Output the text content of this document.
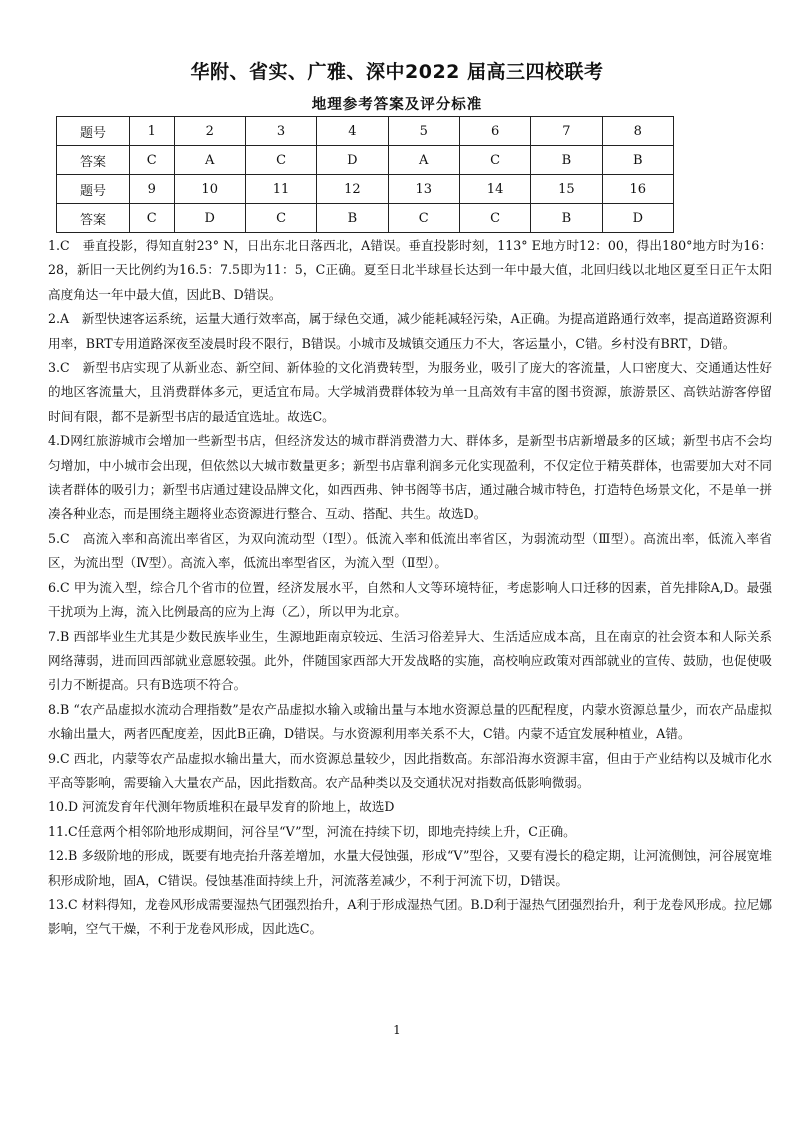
华附、省实、广雅、深中2022 届高三四校联考
地理参考答案及评分标准
题号	1	2	3	4	5	6	7	8
答案	C	A	C	D	A	C	B	B
题号	9	10	11	12	13	14	15	16
答案	C	D	C	B	C	C	B	D

1.C　垂直投影，得知直射23° N，日出东北日落西北，A错误。垂直投影时刻，113° E地方时12：00，得出180°地方时为16：28，新旧一天比例约为16.5：7.5即为11：5，C正确。夏至日北半球昼长达到一年中最大值，北回归线以北地区夏至日正午太阳高度角达一年中最大值，因此B、D错误。

2.A　新型快速客运系统，运量大通行效率高，属于绿色交通，减少能耗减轻污染，A正确。为提高道路通行效率，提高道路资源利用率，BRT专用道路深夜至凌晨时段不限行，B错误。小城市及城镇交通压力不大，客运量小，C错。乡村没有BRT，D错。

3.C　新型书店实现了从新业态、新空间、新体验的文化消费转型，为服务业，吸引了庞大的客流量，人口密度大、交通通达性好的地区客流量大，且消费群体多元，更适宜布局。大学城消费群体较为单一且高效有丰富的图书资源，旅游景区、高铁站游客停留时间有限，都不是新型书店的最适宜选址。故选C。

4.D网红旅游城市会增加一些新型书店，但经济发达的城市群消费潜力大、群体多，是新型书店新增最多的区域；新型书店不会均匀增加，中小城市会出现，但依然以大城市数量更多；新型书店靠利润多元化实现盈利，不仅定位于精英群体，也需要加大对不同读者群体的吸引力；新型书店通过建设品牌文化，如西西弗、钟书阁等书店，通过融合城市特色，打造特色场景文化，不是单一拼凑各种业态，而是围绕主题将业态资源进行整合、互动、搭配、共生。故选D。

5.C　高流入率和高流出率省区，为双向流动型（Ⅰ型）。低流入率和低流出率省区，为弱流动型（Ⅲ型）。高流出率，低流入率省区，为流出型（Ⅳ型）。高流入率，低流出率型省区，为流入型（Ⅱ型）。

6.C 甲为流入型，综合几个省市的位置，经济发展水平，自然和人文等环境特征，考虑影响人口迁移的因素，首先排除A,D。最强干扰项为上海，流入比例最高的应为上海（乙），所以甲为北京。

7.B 西部毕业生尤其是少数民族毕业生，生源地距南京较远、生活习俗差异大、生活适应成本高，且在南京的社会资本和人际关系网络薄弱，进而回西部就业意愿较强。此外，伴随国家西部大开发战略的实施，高校响应政策对西部就业的宣传、鼓励，也促使吸引力不断提高。只有B选项不符合。

8.B “农产品虚拟水流动合理指数”是农产品虚拟水输入或输出量与本地水资源总量的匹配程度，内蒙水资源总量少，而农产品虚拟水输出量大，两者匹配度差，因此B正确，D错误。与水资源利用率关系不大，C错。内蒙不适宜发展种植业，A错。

9.C 西北，内蒙等农产品虚拟水输出量大，而水资源总量较少，因此指数高。东部沿海水资源丰富，但由于产业结构以及城市化水平高等影响，需要输入大量农产品，因此指数高。农产品种类以及交通状况对指数高低影响微弱。

10.D 河流发育年代测年物质堆积在最早发育的阶地上，故选D

11.C任意两个相邻阶地形成期间，河谷呈“V”型，河流在持续下切，即地壳持续上升，C正确。

12.B 多级阶地的形成，既要有地壳抬升落差增加，水量大侵蚀强，形成“V”型谷，又要有漫长的稳定期，让河流侧蚀，河谷展宽堆积形成阶地，固A，C错误。侵蚀基准面持续上升，河流落差减少，不利于河流下切，D错误。

13.C 材料得知，龙卷风形成需要湿热气团强烈抬升，A利于形成湿热气团。B.D利于湿热气团强烈抬升，利于龙卷风形成。拉尼娜影响，空气干燥，不利于龙卷风形成，因此选C。

1
